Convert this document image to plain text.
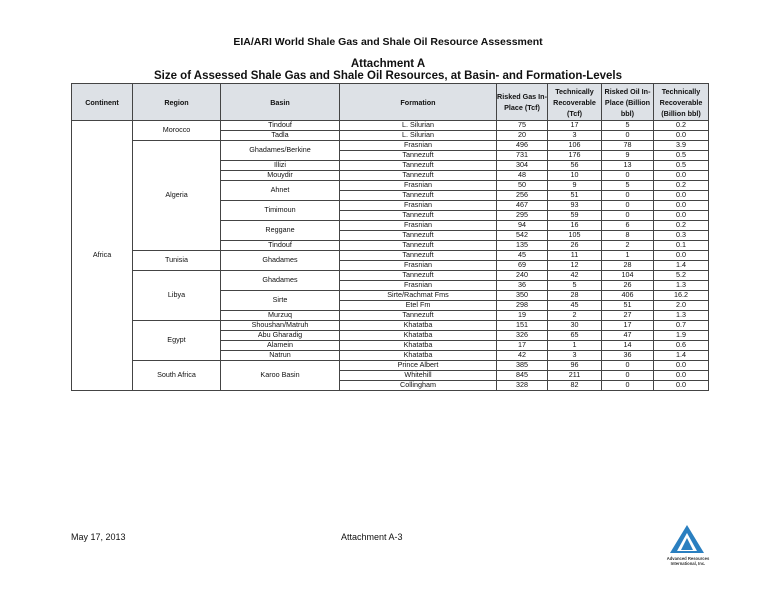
EIA/ARI World Shale Gas and Shale Oil Resource Assessment
Attachment A
Size of Assessed Shale Gas and Shale Oil Resources, at Basin- and Formation-Levels
Continent	Region	Basin	Formation	Risked Gas In-Place (Tcf)	Technically Recoverable (Tcf)	Risked Oil In-Place (Billion bbl)	Technically Recoverable (Billion bbl)
Africa	Morocco	Tindouf	L. Silurian	75	17	5	0.2
		Tadla	L. Silurian	20	3	0	0.0
	Algeria	Ghadames/Berkine	Frasnian	496	106	78	3.9
			Tannezuft	731	176	9	0.5
		Illizi	Tannezuft	304	56	13	0.5
		Mouydir	Tannezuft	48	10	0	0.0
		Ahnet	Frasnian	50	9	5	0.2
			Tannezuft	256	51	0	0.0
		Timimoun	Frasnian	467	93	0	0.0
			Tannezuft	295	59	0	0.0
		Reggane	Frasnian	94	16	6	0.2
			Tannezuft	542	105	8	0.3
		Tindouf	Tannezuft	135	26	2	0.1
	Tunisia	Ghadames	Tannezuft	45	11	1	0.0
			Frasnian	69	12	28	1.4
	Libya	Ghadames	Tannezuft	240	42	104	5.2
			Frasnian	36	5	26	1.3
		Sirte	Sirte/Rachmat Fms	350	28	406	16.2
			Etel Fm	298	45	51	2.0
		Murzuq	Tannezuft	19	2	27	1.3
	Egypt	Shoushan/Matruh	Khatatba	151	30	17	0.7
		Abu Gharadig	Khatatba	326	65	47	1.9
		Alamein	Khatatba	17	1	14	0.6
		Natrun	Khatatba	42	3	36	1.4
	South Africa	Karoo Basin	Prince Albert	385	96	0	0.0
			Whitehill	845	211	0	0.0
			Collingham	328	82	0	0.0
May 17, 2013	Attachment A-3
Advanced Resources International, Inc.
